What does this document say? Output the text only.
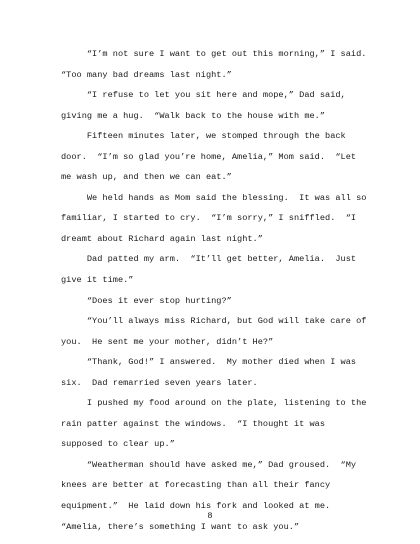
“I’m not sure I want to get out this morning,” I said.
“Too many bad dreams last night.”
“I refuse to let you sit here and mope,” Dad said,
giving me a hug.  “Walk back to the house with me.”
Fifteen minutes later, we stomped through the back
door.  “I’m so glad you’re home, Amelia,” Mom said.  “Let
me wash up, and then we can eat.”
We held hands as Mom said the blessing.  It was all so
familiar, I started to cry.  “I’m sorry,” I sniffled.  “I
dreamt about Richard again last night.”
Dad patted my arm.  “It’ll get better, Amelia.  Just
give it time.”
“Does it ever stop hurting?”
“You’ll always miss Richard, but God will take care of
you.  He sent me your mother, didn’t He?”
“Thank, God!” I answered.  My mother died when I was
six.  Dad remarried seven years later.
I pushed my food around on the plate, listening to the
rain patter against the windows.  “I thought it was
supposed to clear up.”
“Weatherman should have asked me,” Dad groused.  “My
knees are better at forecasting than all their fancy
equipment.”  He laid down his fork and looked at me.
“Amelia, there’s something I want to ask you.”
8
